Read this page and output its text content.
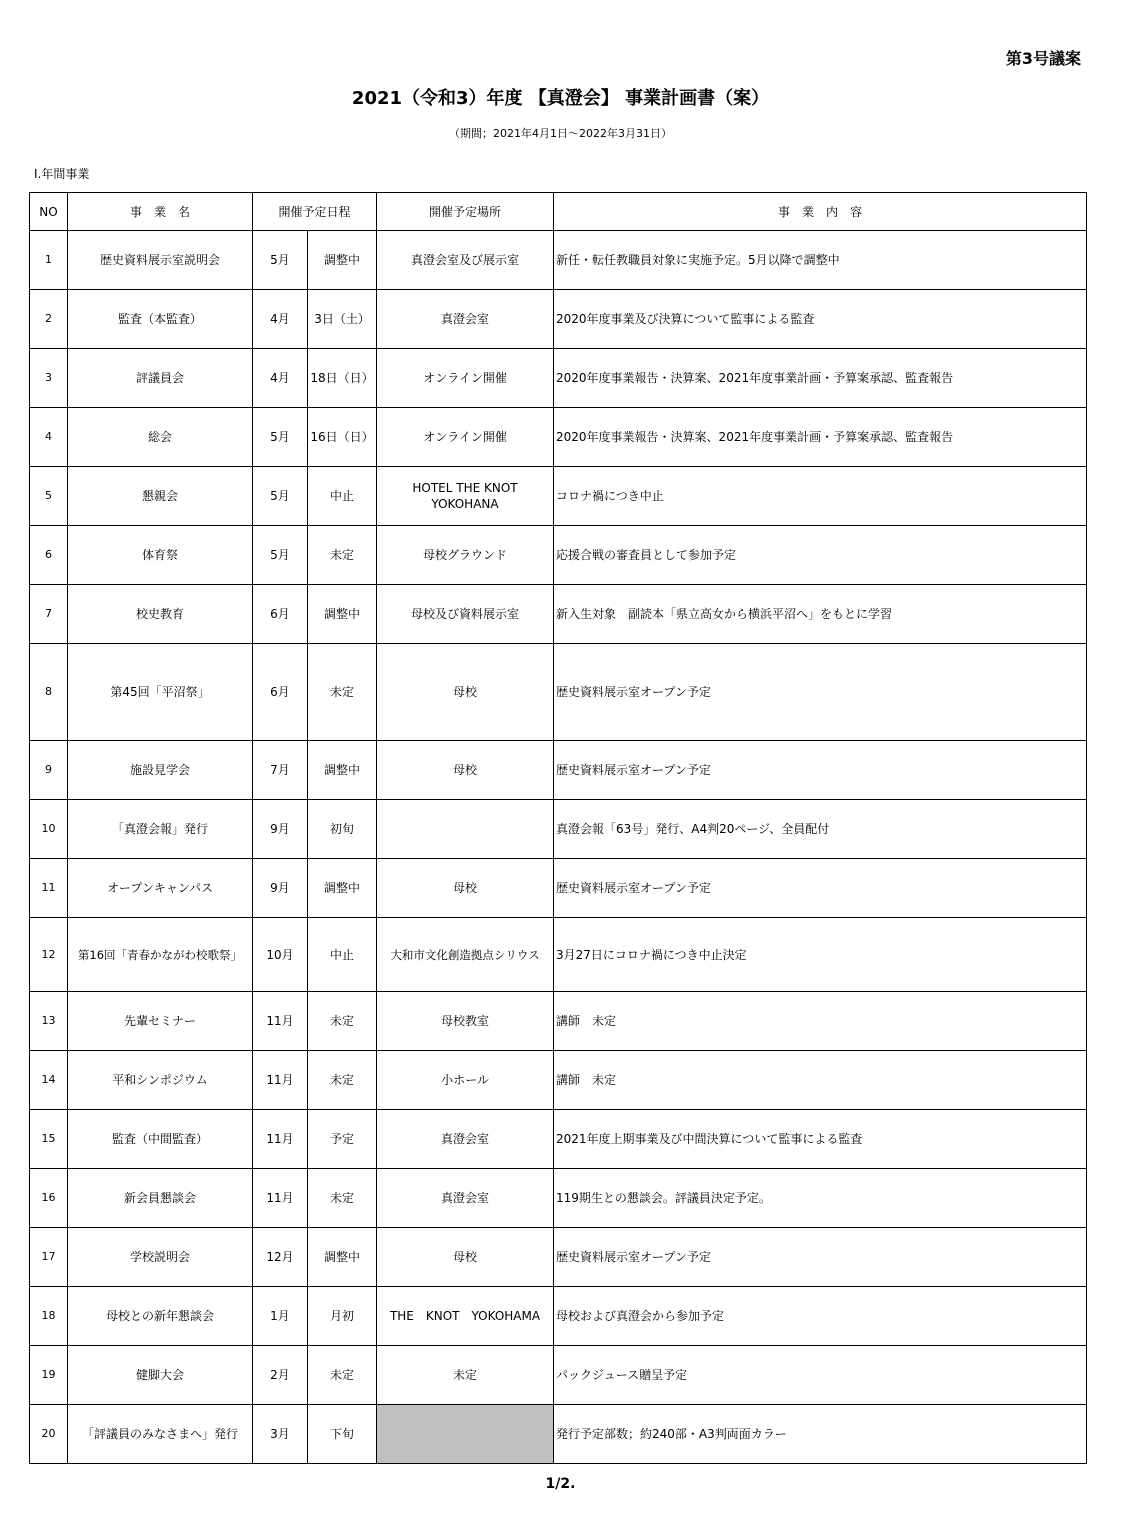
第3号議案
2021（令和3）年度 【真澄会】 事業計画書（案）
（期間；2021年4月1日～2022年3月31日）
Ⅰ.年間事業
NO	事　業　名	開催予定日程		開催予定場所	事　業　内　容
1	歴史資料展示室説明会	5月	調整中	真澄会室及び展示室	新任・転任教職員対象に実施予定。5月以降で調整中
2	監査（本監査）	4月	3日（土）	真澄会室	2020年度事業及び決算について監事による監査
3	評議員会	4月	18日（日）	オンライン開催	2020年度事業報告・決算案、2021年度事業計画・予算案承認、監査報告
4	総会	5月	16日（日）	オンライン開催	2020年度事業報告・決算案、2021年度事業計画・予算案承認、監査報告
5	懇親会	5月	中止	HOTEL THE KNOT YOKOHANA	コロナ禍につき中止
6	体育祭	5月	未定	母校グラウンド	応援合戦の審査員として参加予定
7	校史教育	6月	調整中	母校及び資料展示室	新入生対象　副読本「県立高女から横浜平沼へ」をもとに学習
8	第45回「平沼祭」	6月	未定	母校	歴史資料展示室オープン予定
9	施設見学会	7月	調整中	母校	歴史資料展示室オープン予定
10	「真澄会報」発行	9月	初旬		真澄会報「63号」発行、A4判20ページ、全員配付
11	オープンキャンパス	9月	調整中	母校	歴史資料展示室オープン予定
12	第16回「青春かながわ校歌祭」	10月	中止	大和市文化創造拠点シリウス	3月27日にコロナ禍につき中止決定
13	先輩セミナー	11月	未定	母校教室	講師　未定
14	平和シンポジウム	11月	未定	小ホール	講師　未定
15	監査（中間監査）	11月	予定	真澄会室	2021年度上期事業及び中間決算について監事による監査
16	新会員懇談会	11月	未定	真澄会室	119期生との懇談会。評議員決定予定。
17	学校説明会	12月	調整中	母校	歴史資料展示室オープン予定
18	母校との新年懇談会	1月	月初	THE　KNOT　YOKOHAMA	母校および真澄会から参加予定
19	健脚大会	2月	未定	未定	パックジュース贈呈予定
20	「評議員のみなさまへ」発行	3月	下旬		発行予定部数；約240部・A3判両面カラー
1/2.
